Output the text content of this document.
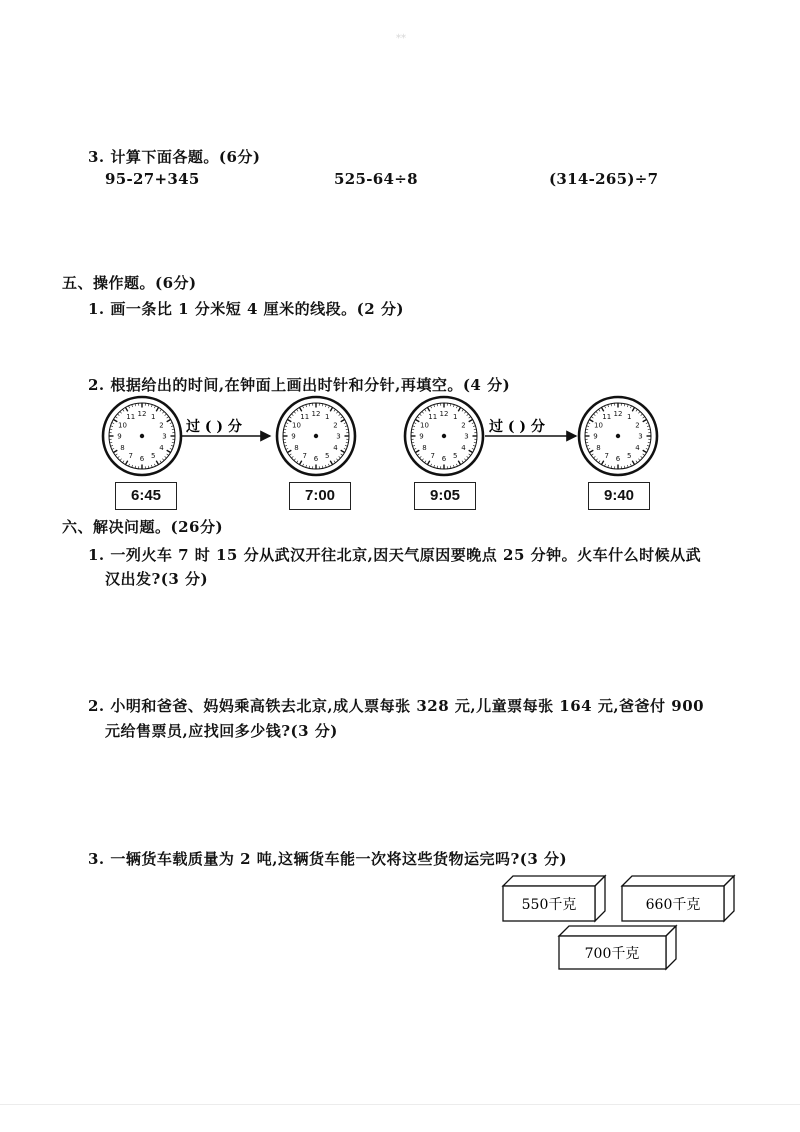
⁎⁎
3. 计算下面各题。(6分)
95-27+345	525-64÷8	(314-265)÷7
五、操作题。(6分)
1. 画一条比 1 分米短 4 厘米的线段。(2 分)
2. 根据给出的时间,在钟面上画出时针和分针,再填空。(4 分)
12 1
2
3
4
5
6
7
8
9
10
11	12 1
2
3
4
5
6
7
8
9
10
11	12 1
2
3
4
5
6
7
8
9
10
11	12 1
2
3
4
5
6
7
8
9
10
11
过 ( ) 分	过 ( ) 分
6:45	7:00	9:05	9:40
六、解决问题。(26分)
1. 一列火车 7 时 15 分从武汉开往北京,因天气原因要晚点 25 分钟。火车什么时候从武
汉出发?(3 分)
2. 小明和爸爸、妈妈乘高铁去北京,成人票每张 328 元,儿童票每张 164 元,爸爸付 900
元给售票员,应找回多少钱?(3 分)
3. 一辆货车载质量为 2 吨,这辆货车能一次将这些货物运完吗?(3 分)
550千克	660千克
700千克
